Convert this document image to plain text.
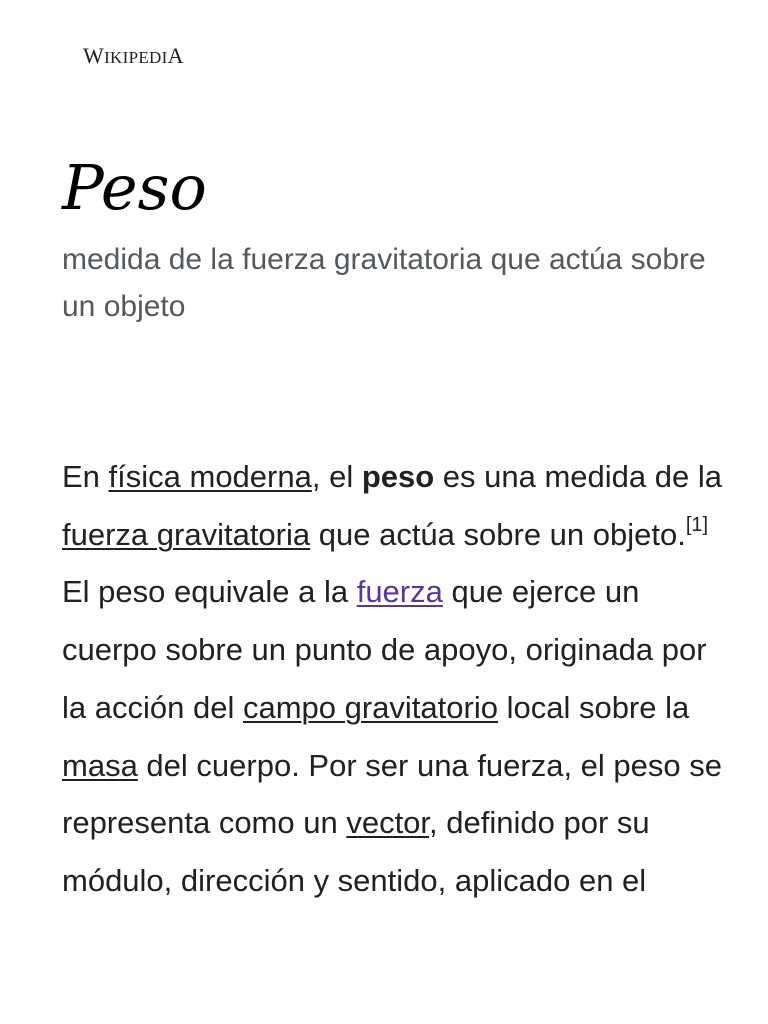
WIKIPEDIA
Peso

medida de la fuerza gravitatoria que actúa sobre un objeto

En física moderna, el peso es una medida de la fuerza gravitatoria que actúa sobre un objeto.[1] El peso equivale a la fuerza que ejerce un cuerpo sobre un punto de apoyo, originada por la acción del campo gravitatorio local sobre la masa del cuerpo. Por ser una fuerza, el peso se representa como un vector, definido por su módulo, dirección y sentido, aplicado en el
